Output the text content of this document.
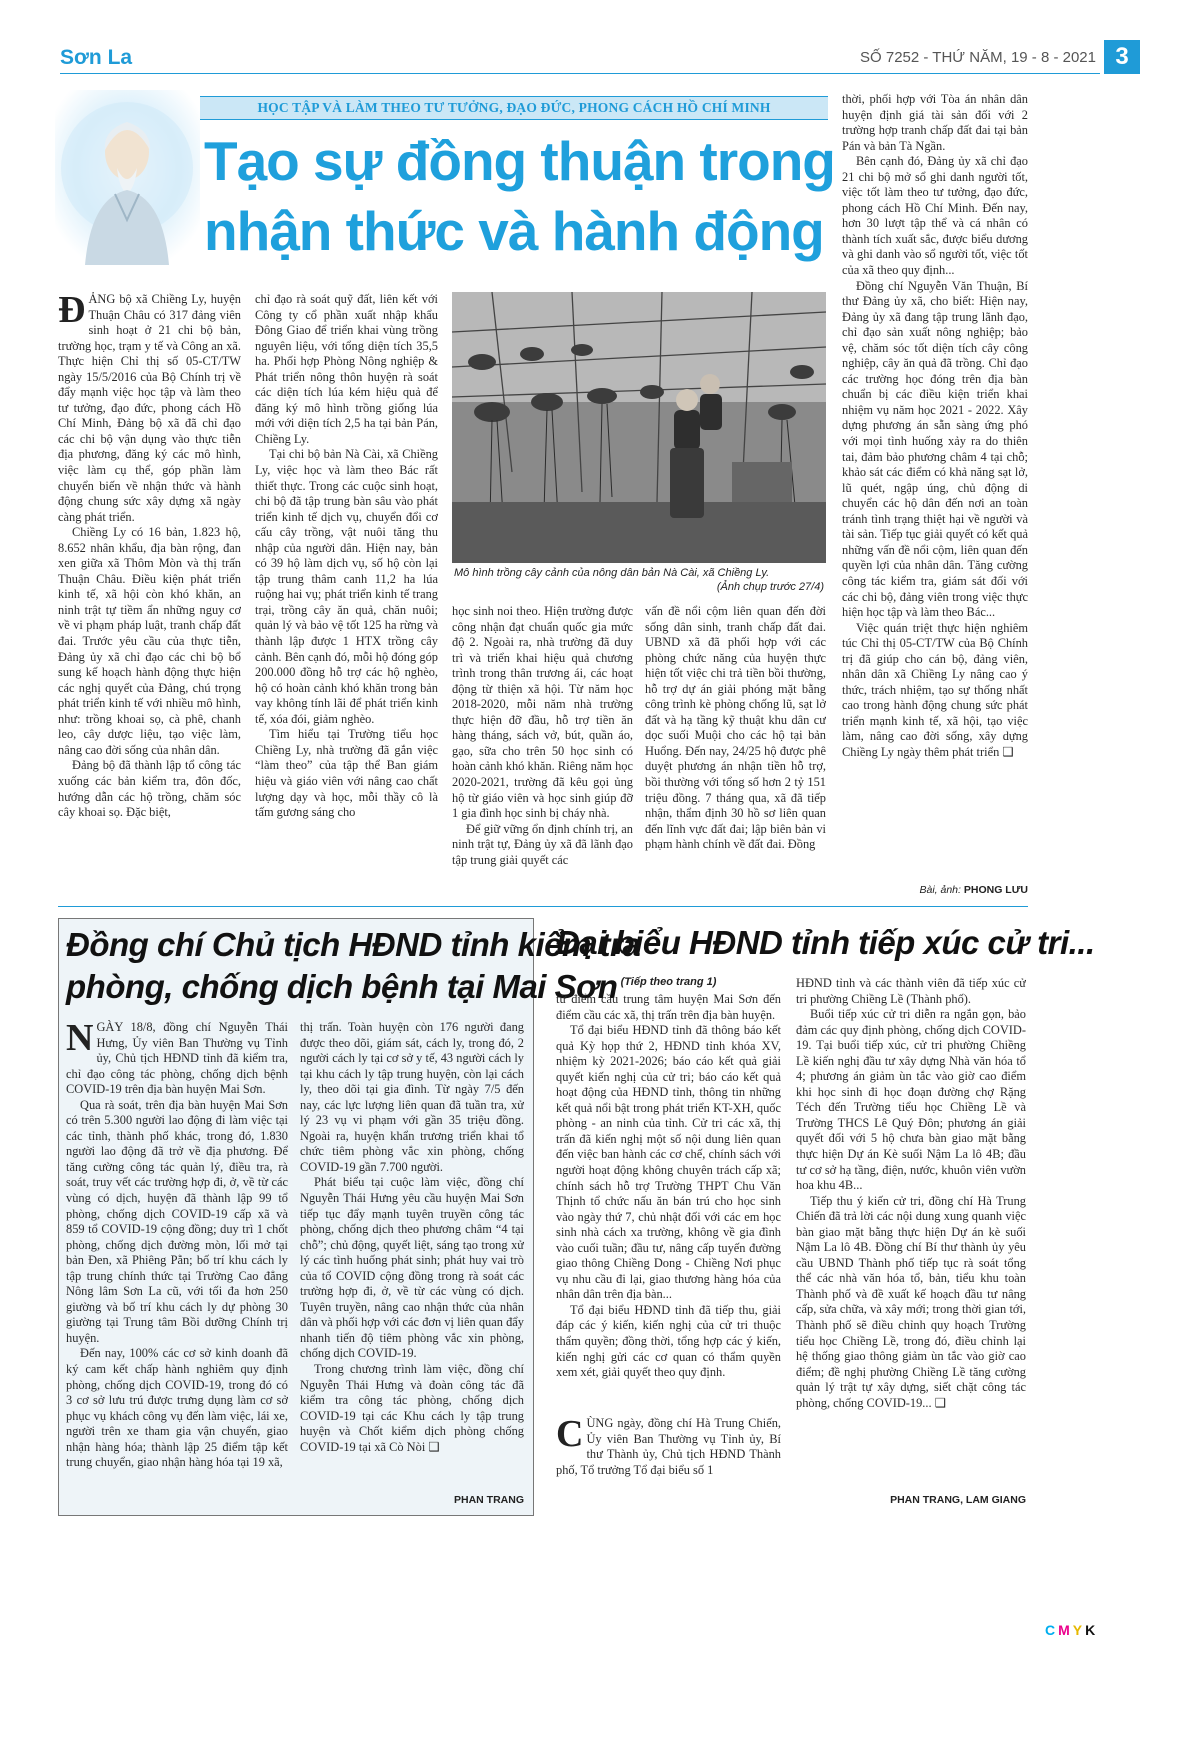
Sơn La	SỐ 7252 - THỨ NĂM, 19 - 8 - 2021 3
HỌC TẬP VÀ LÀM THEO TƯ TƯỞNG, ĐẠO ĐỨC, PHONG CÁCH HỒ CHÍ MINH
Tạo sự đồng thuận trong
nhận thức và hành động
Đ ẢNG bộ xã Chiềng Ly, huyện Thuận Châu có 317 đảng viên sinh hoạt ở 21 chi bộ bản, trường học, trạm y tế và Công an xã. Thực hiện Chỉ thị số 05-CT/TW ngày 15/5/2016 của Bộ Chính trị về đẩy mạnh việc học tập và làm theo tư tưởng, đạo đức, phong cách Hồ Chí Minh, Đảng bộ xã đã chỉ đạo các chi bộ vận dụng vào thực tiễn địa phương, đăng ký các mô hình, việc làm cụ thể, góp phần làm chuyển biến về nhận thức và hành động chung sức xây dựng xã ngày càng phát triển.

Chiềng Ly có 16 bản, 1.823 hộ, 8.652 nhân khẩu, địa bàn rộng, đan xen giữa xã Thôm Mòn và thị trấn Thuận Châu. Điều kiện phát triển kinh tế, xã hội còn khó khăn, an ninh trật tự tiềm ẩn những nguy cơ về vi phạm pháp luật, tranh chấp đất đai. Trước yêu cầu của thực tiễn, Đảng ủy xã chỉ đạo các chi bộ bổ sung kế hoạch hành động thực hiện các nghị quyết của Đảng, chú trọng phát triển kinh tế với nhiều mô hình, như: trồng khoai sọ, cà phê, chanh leo, cây dược liệu, tạo việc làm, nâng cao đời sống của nhân dân.

Đảng bộ đã thành lập tổ công tác xuống các bản kiểm tra, đôn đốc, hướng dẫn các hộ trồng, chăm sóc cây khoai sọ. Đặc biệt,

chỉ đạo rà soát quỹ đất, liên kết với Công ty cổ phần xuất nhập khẩu Đông Giao để triển khai vùng trồng nguyên liệu, với tổng diện tích 35,5 ha. Phối hợp Phòng Nông nghiệp & Phát triển nông thôn huyện rà soát các diện tích lúa kém hiệu quả để đăng ký mô hình trồng giống lúa mới với diện tích 2,5 ha tại bản Pán, Chiềng Ly.

Tại chi bộ bản Nà Cài, xã Chiềng Ly, việc học và làm theo Bác rất thiết thực. Trong các cuộc sinh hoạt, chi bộ đã tập trung bàn sâu vào phát triển kinh tế dịch vụ, chuyển đổi cơ cấu cây trồng, vật nuôi tăng thu nhập của người dân. Hiện nay, bản có 39 hộ làm dịch vụ, số hộ còn lại tập trung thâm canh 11,2 ha lúa ruộng hai vụ; phát triển kinh tế trang trại, trồng cây ăn quả, chăn nuôi; quản lý và bảo vệ tốt 125 ha rừng và thành lập được 1 HTX trồng cây cảnh. Bên cạnh đó, mỗi hộ đóng góp 200.000 đồng hỗ trợ các hộ nghèo, hộ có hoàn cảnh khó khăn trong bản vay không tính lãi để phát triển kinh tế, xóa đói, giảm nghèo.

Tìm hiểu tại Trường tiểu học Chiềng Ly, nhà trường đã gắn việc “làm theo” của tập thể Ban giám hiệu và giáo viên với nâng cao chất lượng dạy và học, mỗi thầy cô là tấm gương sáng cho

Mô hình trồng cây cảnh của nông dân bản Nà Cài, xã Chiềng Ly.
(Ảnh chụp trước 27/4)

học sinh noi theo. Hiện trường được công nhận đạt chuẩn quốc gia mức độ 2. Ngoài ra, nhà trường đã duy trì và triển khai hiệu quả chương trình trong thân trương ái, các hoạt động từ thiện xã hội. Từ năm học 2018-2020, mỗi năm nhà trường thực hiện đỡ đầu, hỗ trợ tiền ăn hàng tháng, sách vở, bút, quần áo, gạo, sữa cho trên 50 học sinh có hoàn cảnh khó khăn. Riêng năm học 2020-2021, trường đã kêu gọi ủng hộ từ giáo viên và học sinh giúp đỡ 1 gia đình học sinh bị cháy nhà.

Để giữ vững ổn định chính trị, an ninh trật tự, Đảng ủy xã đã lãnh đạo tập trung giải quyết các

vấn đề nổi cộm liên quan đến đời sống dân sinh, tranh chấp đất đai. UBND xã đã phối hợp với các phòng chức năng của huyện thực hiện tốt việc chi trả tiền bồi thường, hỗ trợ dự án giải phóng mặt bằng công trình kè phòng chống lũ, sạt lở đất và hạ tầng kỹ thuật khu dân cư dọc suối Muội cho các hộ tại bản Huổng. Đến nay, 24/25 hộ được phê duyệt phương án nhận tiền hỗ trợ, bồi thường với tổng số hơn 2 tỷ 151 triệu đồng. 7 tháng qua, xã đã tiếp nhận, thẩm định 30 hồ sơ liên quan đến lĩnh vực đất đai; lập biên bản vi phạm hành chính về đất đai. Đồng

thời, phối hợp với Tòa án nhân dân huyện định giá tài sản đối với 2 trường hợp tranh chấp đất đai tại bản Pán và bản Tà Ngần.

Bên cạnh đó, Đảng ủy xã chỉ đạo 21 chi bộ mở sổ ghi danh người tốt, việc tốt làm theo tư tưởng, đạo đức, phong cách Hồ Chí Minh. Đến nay, hơn 30 lượt tập thể và cá nhân có thành tích xuất sắc, được biểu dương và ghi danh vào sổ người tốt, việc tốt của xã theo quy định...

Đồng chí Nguyễn Văn Thuận, Bí thư Đảng ủy xã, cho biết: Hiện nay, Đảng ủy xã đang tập trung lãnh đạo, chỉ đạo sản xuất nông nghiệp; bảo vệ, chăm sóc tốt diện tích cây công nghiệp, cây ăn quả đã trồng. Chỉ đạo các trường học đóng trên địa bàn chuẩn bị các điều kiện triển khai nhiệm vụ năm học 2021 - 2022. Xây dựng phương án sẵn sàng ứng phó với mọi tình huống xảy ra do thiên tai, đảm bảo phương châm 4 tại chỗ; khảo sát các điểm có khả năng sạt lở, lũ quét, ngập úng, chủ động di chuyển các hộ dân đến nơi an toàn tránh tình trạng thiệt hại về người và tài sản. Tiếp tục giải quyết có kết quả những vấn đề nổi cộm, liên quan đến quyền lợi của nhân dân. Tăng cường công tác kiểm tra, giám sát đối với các chi bộ, đảng viên trong việc thực hiện học tập và làm theo Bác...

Việc quán triệt thực hiện nghiêm túc Chỉ thị 05-CT/TW của Bộ Chính trị đã giúp cho cán bộ, đảng viên, nhân dân xã Chiềng Ly nâng cao ý thức, trách nhiệm, tạo sự thống nhất cao trong hành động chung sức phát triển mạnh kinh tế, xã hội, tạo việc làm, nâng cao đời sống, xây dựng Chiềng Ly ngày thêm phát triển ❑

Bài, ảnh: PHONG LƯU
Đồng chí Chủ tịch HĐND tỉnh kiểm tra
phòng, chống dịch bệnh tại Mai Sơn
N GÀY 18/8, đồng chí Nguyễn Thái Hưng, Ủy viên Ban Thường vụ Tỉnh ủy, Chủ tịch HĐND tỉnh đã kiểm tra, chỉ đạo công tác phòng, chống dịch bệnh COVID-19 trên địa bàn huyện Mai Sơn.

Qua rà soát, trên địa bàn huyện Mai Sơn có trên 5.300 người lao động đi làm việc tại các tỉnh, thành phố khác, trong đó, 1.830 người lao động đã trở về địa phương. Để tăng cường công tác quản lý, điều tra, rà soát, truy vết các trường hợp đi, ở, về từ các vùng có dịch, huyện đã thành lập 99 tổ phòng, chống dịch COVID-19 cấp xã và 859 tổ COVID-19 cộng đồng; duy trì 1 chốt phòng, chống dịch đường mòn, lối mở tại bản Đen, xã Phiêng Pằn; bố trí khu cách ly tập trung chính thức tại Trường Cao đẳng Nông lâm Sơn La cũ, với tối đa hơn 250 giường và bố trí khu cách ly dự phòng 30 giường tại Trung tâm Bồi dưỡng Chính trị huyện.

Đến nay, 100% các cơ sở kinh doanh đã ký cam kết chấp hành nghiêm quy định phòng, chống dịch COVID-19, trong đó có 3 cơ sở lưu trú được trưng dụng làm cơ sở phục vụ khách công vụ đến làm việc, lái xe, người trên xe tham gia vận chuyển, giao nhận hàng hóa; thành lập 25 điểm tập kết trung chuyển, giao nhận hàng hóa tại 19 xã,

thị trấn. Toàn huyện còn 176 người đang được theo dõi, giám sát, cách ly, trong đó, 2 người cách ly tại cơ sở y tế, 43 người cách ly tại khu cách ly tập trung huyện, còn lại cách ly, theo dõi tại gia đình. Từ ngày 7/5 đến nay, các lực lượng liên quan đã tuần tra, xử lý 23 vụ vi phạm với gần 35 triệu đồng. Ngoài ra, huyện khẩn trương triển khai tổ chức tiêm phòng vắc xin phòng, chống COVID-19 gần 7.700 người.

Phát biểu tại cuộc làm việc, đồng chí Nguyễn Thái Hưng yêu cầu huyện Mai Sơn tiếp tục đẩy mạnh tuyên truyền công tác phòng, chống dịch theo phương châm “4 tại chỗ”; chủ động, quyết liệt, sáng tạo trong xử lý các tình huống phát sinh; phát huy vai trò của tổ COVID cộng đồng trong rà soát các trường hợp đi, ở, về từ các vùng có dịch. Tuyên truyền, nâng cao nhận thức của nhân dân và phối hợp với các đơn vị liên quan đẩy nhanh tiến độ tiêm phòng vắc xin phòng, chống dịch COVID-19.

Trong chương trình làm việc, đồng chí Nguyễn Thái Hưng và đoàn công tác đã kiểm tra công tác phòng, chống dịch COVID-19 tại các Khu cách ly tập trung huyện và Chốt kiểm dịch phòng chống COVID-19 tại xã Cò Nòi ❑

PHAN TRANG
Đại biểu HĐND tỉnh tiếp xúc cử tri...
(Tiếp theo trang 1)

từ điểm cầu trung tâm huyện Mai Sơn đến điểm cầu các xã, thị trấn trên địa bàn huyện.

Tổ đại biểu HĐND tỉnh đã thông báo kết quả Kỳ họp thứ 2, HĐND tỉnh khóa XV, nhiệm kỳ 2021-2026; báo cáo kết quả giải quyết kiến nghị của cử tri; báo cáo kết quả hoạt động của HĐND tỉnh, thông tin những kết quả nổi bật trong phát triển KT-XH, quốc phòng - an ninh của tỉnh. Cử tri các xã, thị trấn đã kiến nghị một số nội dung liên quan đến việc ban hành các cơ chế, chính sách với người hoạt động không chuyên trách cấp xã; chính sách hỗ trợ Trường THPT Chu Văn Thịnh tổ chức nấu ăn bán trú cho học sinh vào ngày thứ 7, chủ nhật đối với các em học sinh nhà cách xa trường, không về gia đình vào cuối tuần; đầu tư, nâng cấp tuyến đường giao thông Chiềng Dong - Chiềng Nơi phục vụ nhu cầu đi lại, giao thương hàng hóa của nhân dân trên địa bàn...

Tổ đại biểu HĐND tỉnh đã tiếp thu, giải đáp các ý kiến, kiến nghị của cử tri thuộc thẩm quyền; đồng thời, tổng hợp các ý kiến, kiến nghị gửi các cơ quan có thẩm quyền xem xét, giải quyết theo quy định.

C ÙNG ngày, đồng chí Hà Trung Chiến, Ủy viên Ban Thường vụ Tỉnh ủy, Bí thư Thành ủy, Chủ tịch HĐND Thành phố, Tổ trưởng Tổ đại biểu số 1

HĐND tỉnh và các thành viên đã tiếp xúc cử tri phường Chiềng Lề (Thành phố).

Buổi tiếp xúc cử tri diễn ra ngắn gọn, bảo đảm các quy định phòng, chống dịch COVID-19. Tại buổi tiếp xúc, cử tri phường Chiềng Lề kiến nghị đầu tư xây dựng Nhà văn hóa tổ 4; phương án giảm ùn tắc vào giờ cao điểm khi học sinh đi học đoạn đường chợ Rặng Téch đến Trường tiểu học Chiềng Lề và Trường THCS Lê Quý Đôn; phương án giải quyết đối với 5 hộ chưa bàn giao mặt bằng thực hiện Dự án Kè suối Nậm La lô 4B; đầu tư cơ sở hạ tầng, điện, nước, khuôn viên vườn hoa khu 4B...

Tiếp thu ý kiến cử tri, đồng chí Hà Trung Chiến đã trả lời các nội dung xung quanh việc bàn giao mặt bằng thực hiện Dự án kè suối Nậm La lô 4B. Đồng chí Bí thư thành ủy yêu cầu UBND Thành phố tiếp tục rà soát tổng thể các nhà văn hóa tổ, bản, tiểu khu toàn Thành phố và đề xuất kế hoạch đầu tư nâng cấp, sửa chữa, và xây mới; trong thời gian tới, Thành phố sẽ điều chỉnh quy hoạch Trường tiểu học Chiềng Lề, trong đó, điều chỉnh lại hệ thống giao thông giảm ùn tắc vào giờ cao điểm; đề nghị phường Chiềng Lề tăng cường quản lý trật tự xây dựng, siết chặt công tác phòng, chống COVID-19... ❑

PHAN TRANG, LAM GIANG
CMYK
